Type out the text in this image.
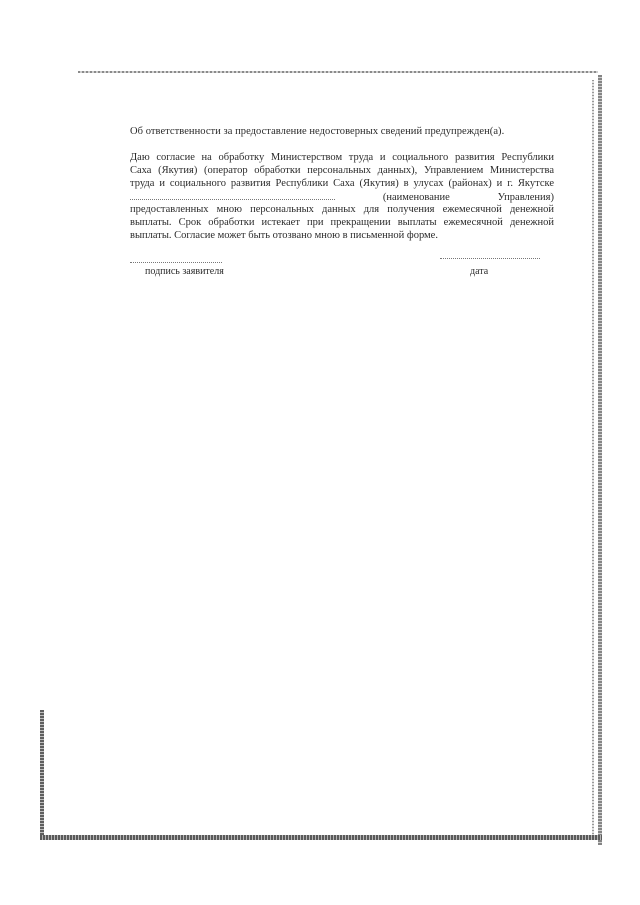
Об ответственности за предоставление недостоверных сведений предупрежден(а).
Даю согласие на обработку Министерством труда и социального развития Республики
Саха (Якутия) (оператор обработки персональных данных), Управлением Министерства
труда и социального развития Республики Саха (Якутия) в улусах (районах) и г. Якутске
(наименование	Управления)
предоставленных мною персональных данных для получения ежемесячной денежной
выплаты. Срок обработки истекает при прекращении выплаты ежемесячной денежной
выплаты. Согласие может быть отозвано мною в письменной форме.
подпись заявителя	дата
